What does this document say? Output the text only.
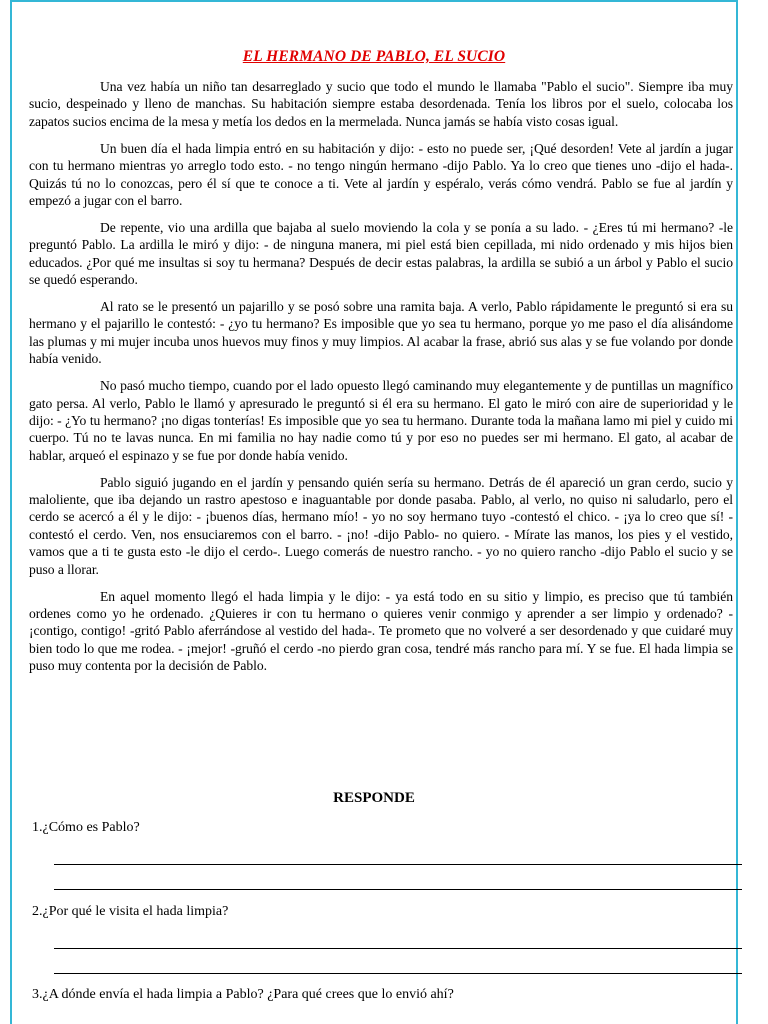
EL HERMANO DE PABLO, EL SUCIO

Una vez había un niño tan desarreglado y sucio que todo el mundo le llamaba "Pablo el sucio". Siempre iba muy sucio, despeinado y lleno de manchas. Su habitación siempre estaba desordenada. Tenía los libros por el suelo, colocaba los zapatos sucios encima de la mesa y metía los dedos en la mermelada. Nunca jamás se había visto cosas igual.

Un buen día el hada limpia entró en su habitación y dijo: - esto no puede ser, ¡Qué desorden! Vete al jardín a jugar con tu hermano mientras yo arreglo todo esto. - no tengo ningún hermano -dijo Pablo. Ya lo creo que tienes uno -dijo el hada-. Quizás tú no lo conozcas, pero él sí que te conoce a ti. Vete al jardín y espéralo, verás cómo vendrá. Pablo se fue al jardín y empezó a jugar con el barro.

De repente, vio una ardilla que bajaba al suelo moviendo la cola y se ponía a su lado. - ¿Eres tú mi hermano? -le preguntó Pablo. La ardilla le miró y dijo: - de ninguna manera, mi piel está bien cepillada, mi nido ordenado y mis hijos bien educados. ¿Por qué me insultas si soy tu hermana? Después de decir estas palabras, la ardilla se subió a un árbol y Pablo el sucio se quedó esperando.

Al rato se le presentó un pajarillo y se posó sobre una ramita baja. A verlo, Pablo rápidamente le preguntó si era su hermano y el pajarillo le contestó: - ¿yo tu hermano? Es imposible que yo sea tu hermano, porque yo me paso el día alisándome las plumas y mi mujer incuba unos huevos muy finos y muy limpios. Al acabar la frase, abrió sus alas y se fue volando por donde había venido.

No pasó mucho tiempo, cuando por el lado opuesto llegó caminando muy elegantemente y de puntillas un magnífico gato persa. Al verlo, Pablo le llamó y apresurado le preguntó si él era su hermano. El gato le miró con aire de superioridad y le dijo: - ¿Yo tu hermano? ¡no digas tonterías! Es imposible que yo sea tu hermano. Durante toda la mañana lamo mi piel y cuido mi cuerpo. Tú no te lavas nunca. En mi familia no hay nadie como tú y por eso no puedes ser mi hermano. El gato, al acabar de hablar, arqueó el espinazo y se fue por donde había venido.

Pablo siguió jugando en el jardín y pensando quién sería su hermano. Detrás de él apareció un gran cerdo, sucio y maloliente, que iba dejando un rastro apestoso e inaguantable por donde pasaba. Pablo, al verlo, no quiso ni saludarlo, pero el cerdo se acercó a él y le dijo: - ¡buenos días, hermano mío! - yo no soy hermano tuyo -contestó el chico. - ¡ya lo creo que sí! -contestó el cerdo. Ven, nos ensuciaremos con el barro. - ¡no! -dijo Pablo- no quiero. - Mírate las manos, los pies y el vestido, vamos que a ti te gusta esto -le dijo el cerdo-. Luego comerás de nuestro rancho. - yo no quiero rancho -dijo Pablo el sucio y se puso a llorar.

En aquel momento llegó el hada limpia y le dijo: - ya está todo en su sitio y limpio, es preciso que tú también ordenes como yo he ordenado. ¿Quieres ir con tu hermano o quieres venir conmigo y aprender a ser limpio y ordenado? - ¡contigo, contigo! -gritó Pablo aferrándose al vestido del hada-. Te prometo que no volveré a ser desordenado y que cuidaré muy bien todo lo que me rodea. - ¡mejor! -gruñó el cerdo -no pierdo gran cosa, tendré más rancho para mí. Y se fue. El hada limpia se puso muy contenta por la decisión de Pablo.

RESPONDE
1.¿Cómo es Pablo?
2.¿Por qué le visita el hada limpia?
3.¿A dónde envía el hada limpia a Pablo? ¿Para qué crees que lo envió ahí?
